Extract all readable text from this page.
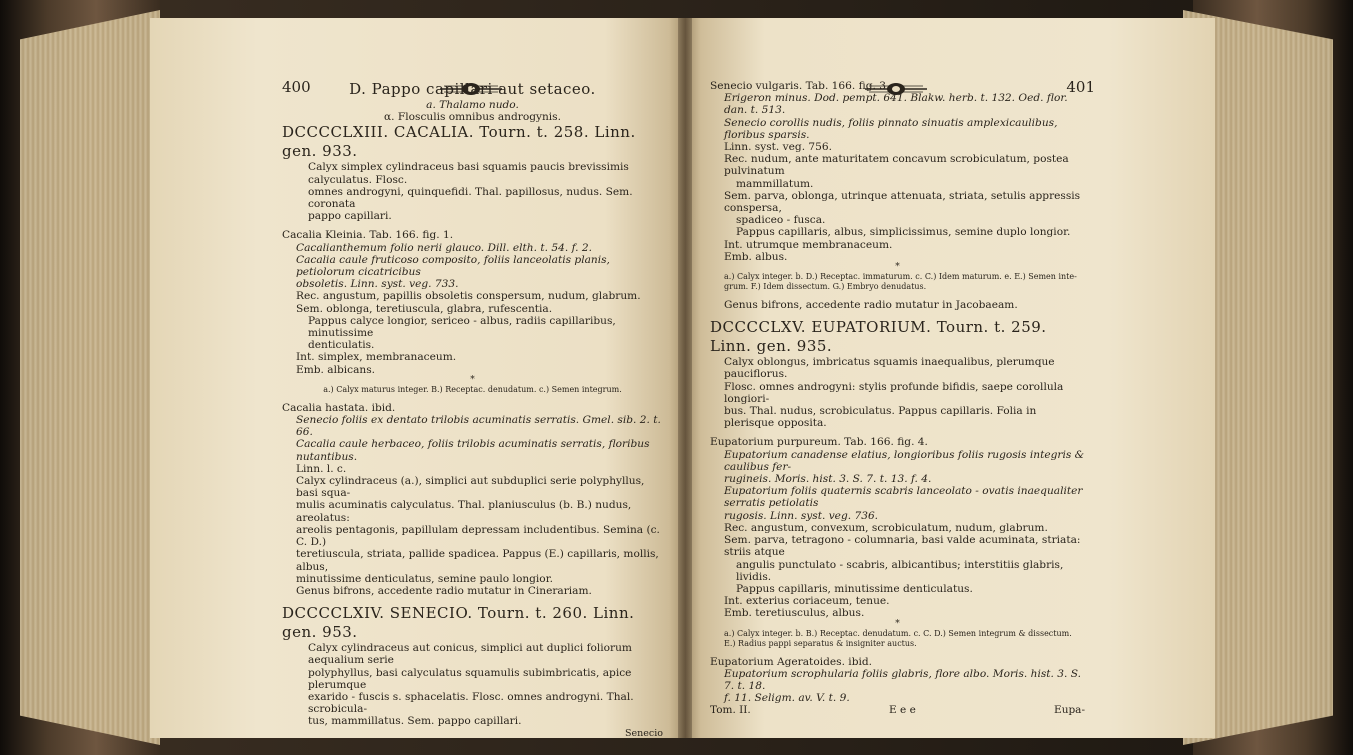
400	D. Pappo capillari aut setaceo.

a. Thalamo nudo.

α. Flosculis omnibus androgynis.

DCCCCLXIII. CACALIA. Tourn. t. 258. Linn. gen. 933.

Calyx simplex cylindraceus basi squamis paucis brevissimis calyculatus. Flosc.

omnes androgyni, quinquefidi. Thal. papillosus, nudus. Sem. coronata

pappo capillari.

Cacalia Kleinia. Tab. 166. fig. 1.

Cacalianthemum folio nerii glauco. Dill. elth. t. 54. f. 2.

Cacalia caule fruticoso composito, foliis lanceolatis planis, petiolorum cicatricibus

obsoletis. Linn. syst. veg. 733.

Rec. angustum, papillis obsoletis conspersum, nudum, glabrum.

Sem. oblonga, teretiuscula, glabra, rufescentia.

Pappus calyce longior, sericeo - albus, radiis capillaribus, minutissime

denticulatis.

Int. simplex, membranaceum.

Emb. albicans.

*

a.) Calyx maturus integer. B.) Receptac. denudatum. c.) Semen integrum.

Cacalia hastata. ibid.

Senecio foliis ex dentato trilobis acuminatis serratis. Gmel. sib. 2. t. 66.

Cacalia caule herbaceo, foliis trilobis acuminatis serratis, floribus nutantibus.

Linn. l. c.

Calyx cylindraceus (a.), simplici aut subduplici serie polyphyllus, basi squa-

mulis acuminatis calyculatus. Thal. planiusculus (b. B.) nudus, areolatus:

areolis pentagonis, papillulam depressam includentibus. Semina (c. C. D.)

teretiuscula, striata, pallide spadicea. Pappus (E.) capillaris, mollis, albus,

minutissime denticulatus, semine paulo longior.

Genus bifrons, accedente radio mutatur in Cinerariam.

DCCCCLXIV. SENECIO. Tourn. t. 260. Linn. gen. 953.

Calyx cylindraceus aut conicus, simplici aut duplici foliorum aequalium serie

polyphyllus, basi calyculatus squamulis subimbricatis, apice plerumque

exarido - fuscis s. sphacelatis. Flosc. omnes androgyni. Thal. scrobicula-

tus, mammillatus. Sem. pappo capillari.

Senecio

401

Senecio vulgaris. Tab. 166. fig. 3.

Erigeron minus. Dod. pempt. 641. Blakw. herb. t. 132. Oed. flor. dan. t. 513.

Senecio corollis nudis, foliis pinnato sinuatis amplexicaulibus, floribus sparsis.

Linn. syst. veg. 756.

Rec. nudum, ante maturitatem concavum scrobiculatum, postea pulvinatum

mammillatum.

Sem. parva, oblonga, utrinque attenuata, striata, setulis appressis conspersa,

spadiceo - fusca.

Pappus capillaris, albus, simplicissimus, semine duplo longior.

Int. utrumque membranaceum.

Emb. albus.

*

a.) Calyx integer. b. D.) Receptac. immaturum. c. C.) Idem maturum. e. E.) Semen inte-

grum. F.) Idem dissectum. G.) Embryo denudatus.

Genus bifrons, accedente radio mutatur in Jacobaeam.

DCCCCLXV. EUPATORIUM. Tourn. t. 259. Linn. gen. 935.

Calyx oblongus, imbricatus squamis inaequalibus, plerumque pauciflorus.

Flosc. omnes androgyni: stylis profunde bifidis, saepe corollula longiori-

bus. Thal. nudus, scrobiculatus. Pappus capillaris. Folia in plerisque opposita.

Eupatorium purpureum. Tab. 166. fig. 4.

Eupatorium canadense elatius, longioribus foliis rugosis integris & caulibus fer-

rugineis. Moris. hist. 3. S. 7. t. 13. f. 4.

Eupatorium foliis quaternis scabris lanceolato - ovatis inaequaliter serratis petiolatis

rugosis. Linn. syst. veg. 736.

Rec. angustum, convexum, scrobiculatum, nudum, glabrum.

Sem. parva, tetragono - columnaria, basi valde acuminata, striata: striis atque

angulis punctulato - scabris, albicantibus; interstitiis glabris, lividis.

Pappus capillaris, minutissime denticulatus.

Int. exterius coriaceum, tenue.

Emb. teretiusculus, albus.

*

a.) Calyx integer. b. B.) Receptac. denudatum. c. C. D.) Semen integrum & dissectum.

E.) Radius pappi separatus & insigniter auctus.

Eupatorium Ageratoides. ibid.

Eupatorium scrophularia foliis glabris, flore albo. Moris. hist. 3. S. 7. t. 18.

f. 11. Seligm. av. V. t. 9.

Tom. II.	E e e	Eupa-
